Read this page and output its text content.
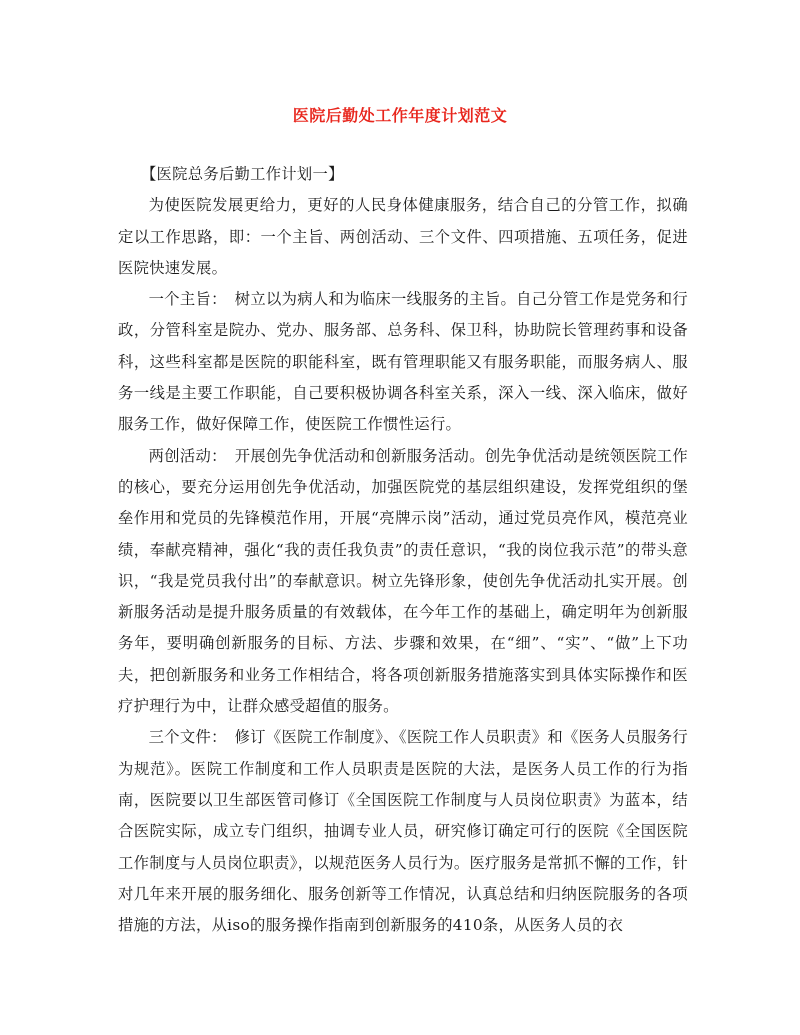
医院后勤处工作年度计划范文

【医院总务后勤工作计划一】

为使医院发展更给力，更好的人民身体健康服务，结合自己的分管工作，拟确定以工作思路，即：一个主旨、两创活动、三个文件、四项措施、五项任务，促进医院快速发展。

一个主旨：　树立以为病人和为临床一线服务的主旨。自己分管工作是党务和行政，分管科室是院办、党办、服务部、总务科、保卫科，协助院长管理药事和设备科，这些科室都是医院的职能科室，既有管理职能又有服务职能，而服务病人、服务一线是主要工作职能，自己要积极协调各科室关系，深入一线、深入临床，做好服务工作，做好保障工作，使医院工作惯性运行。

两创活动：　开展创先争优活动和创新服务活动。创先争优活动是统领医院工作的核心，要充分运用创先争优活动，加强医院党的基层组织建设，发挥党组织的堡垒作用和党员的先锋模范作用，开展“亮牌示岗”活动，通过党员亮作风，模范亮业绩，奉献亮精神，强化“我的责任我负责”的责任意识，“我的岗位我示范”的带头意识，“我是党员我付出”的奉献意识。树立先锋形象，使创先争优活动扎实开展。创新服务活动是提升服务质量的有效载体，在今年工作的基础上，确定明年为创新服务年，要明确创新服务的目标、方法、步骤和效果，在“细”、“实”、“做”上下功夫，把创新服务和业务工作相结合，将各项创新服务措施落实到具体实际操作和医疗护理行为中，让群众感受超值的服务。

三个文件：　修订《医院工作制度》、《医院工作人员职责》和《医务人员服务行为规范》。医院工作制度和工作人员职责是医院的大法，是医务人员工作的行为指南，医院要以卫生部医管司修订《全国医院工作制度与人员岗位职责》为蓝本，结合医院实际，成立专门组织，抽调专业人员，研究修订确定可行的医院《全国医院工作制度与人员岗位职责》，以规范医务人员行为。医疗服务是常抓不懈的工作，针对几年来开展的服务细化、服务创新等工作情况，认真总结和归纳医院服务的各项措施的方法，从iso的服务操作指南到创新服务的410条，从医务人员的衣
